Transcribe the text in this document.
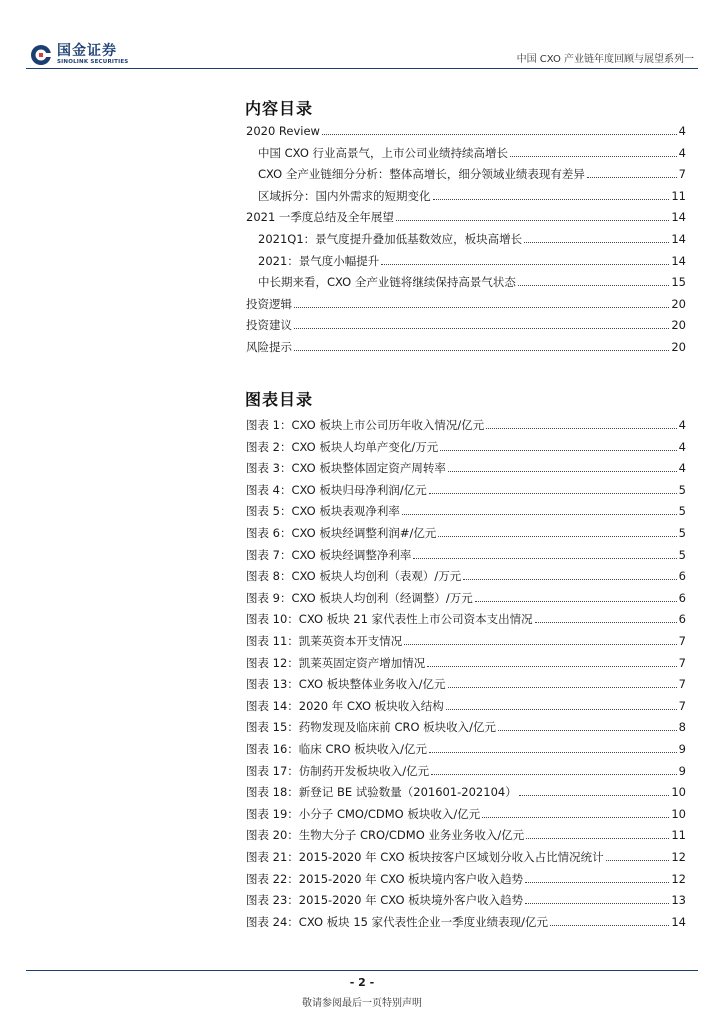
国金证券
SINOLINK SECURITIES	中国 CXO 产业链年度回顾与展望系列一
内容目录
2020 Review	4
中国 CXO 行业高景气，上市公司业绩持续高增长	4
CXO 全产业链细分分析：整体高增长，细分领域业绩表现有差异	7
区域拆分：国内外需求的短期变化	11
2021 一季度总结及全年展望	14
2021Q1：景气度提升叠加低基数效应，板块高增长	14
2021：景气度小幅提升	14
中长期来看，CXO 全产业链将继续保持高景气状态	15
投资逻辑	20
投资建议	20
风险提示	20
图表目录
图表 1：CXO 板块上市公司历年收入情况/亿元	4
图表 2：CXO 板块人均单产变化/万元	4
图表 3：CXO 板块整体固定资产周转率	4
图表 4：CXO 板块归母净利润/亿元	5
图表 5：CXO 板块表观净利率	5
图表 6：CXO 板块经调整利润#/亿元	5
图表 7：CXO 板块经调整净利率	5
图表 8：CXO 板块人均创利（表观）/万元	6
图表 9：CXO 板块人均创利（经调整）/万元	6
图表 10：CXO 板块 21 家代表性上市公司资本支出情况	6
图表 11：凯莱英资本开支情况	7
图表 12：凯莱英固定资产增加情况	7
图表 13：CXO 板块整体业务收入/亿元	7
图表 14：2020 年 CXO 板块收入结构	7
图表 15：药物发现及临床前 CRO 板块收入/亿元	8
图表 16：临床 CRO 板块收入/亿元	9
图表 17：仿制药开发板块收入/亿元	9
图表 18：新登记 BE 试验数量（201601-202104）	10
图表 19：小分子 CMO/CDMO 板块收入/亿元	10
图表 20：生物大分子 CRO/CDMO 业务业务收入/亿元	11
图表 21：2015-2020 年 CXO 板块按客户区域划分收入占比情况统计	12
图表 22：2015-2020 年 CXO 板块境内客户收入趋势	12
图表 23：2015-2020 年 CXO 板块境外客户收入趋势	13
图表 24：CXO 板块 15 家代表性企业一季度业绩表现/亿元	14
- 2 -
敬请参阅最后一页特别声明
